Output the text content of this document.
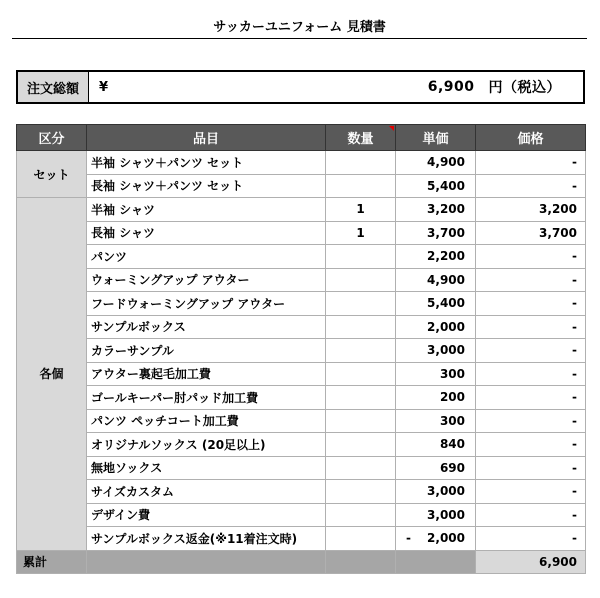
サッカーユニフォーム 見積書
注文総額	¥	6,900 円（税込）
区分	品目	数量	単価	価格
セット	半袖 シャツ＋パンツ セット		4,900	-
	長袖 シャツ＋パンツ セット		5,400	-
各個	半袖 シャツ	1	3,200	3,200
	長袖 シャツ	1	3,700	3,700
	パンツ		2,200	-
	ウォーミングアップ アウター		4,900	-
	フードウォーミングアップ アウター		5,400	-
	サンプルボックス		2,000	-
	カラーサンプル		3,000	-
	アウター裏起毛加工費		300	-
	ゴールキーパー肘パッド加工費		200	-
	パンツ ペッチコート加工費		300	-
	オリジナルソックス (20足以上)		840	-
	無地ソックス		690	-
	サイズカスタム		3,000	-
	デザイン費		3,000	-
	サンプルボックス返金(※11着注文時)		- 2,000	-
累計				6,900
